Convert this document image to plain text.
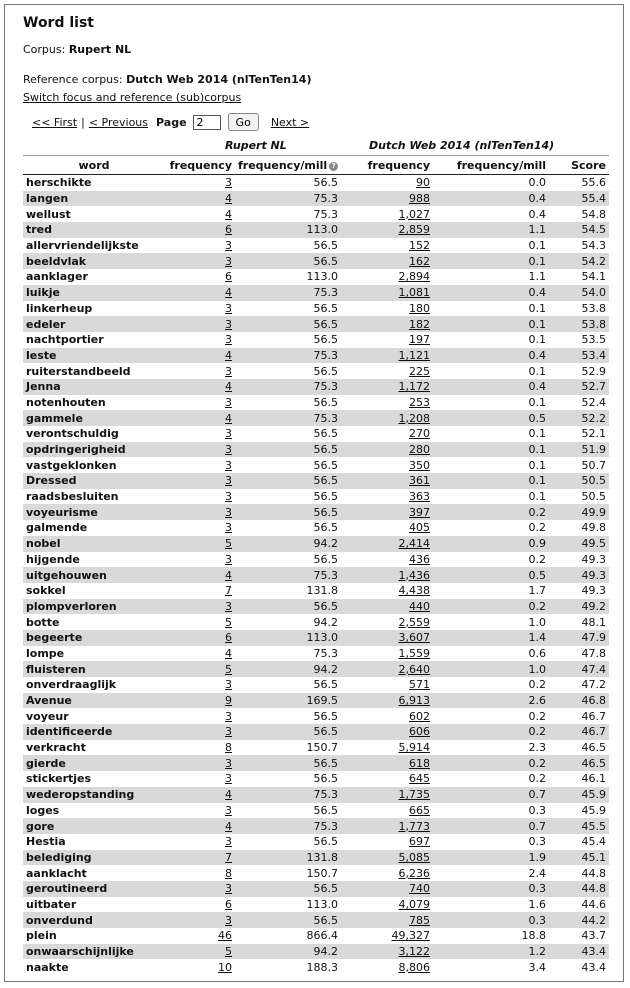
Word list
Corpus: Rupert NL
Reference corpus: Dutch Web 2014 (nlTenTen14)
Switch focus and reference (sub)corpus
<< First | < Previous Page
2	Go	Next >
Rupert NL	Dutch Web 2014 (nlTenTen14)
word	frequency	frequency/mill ?	frequency	frequency/mill	Score
herschikte	3	56.5	90	0.0	55.6
langen	4	75.3	988	0.4	55.4
wellust	4	75.3	1,027	0.4	54.8
tred	6	113.0	2,859	1.1	54.5
allervriendelijkste	3	56.5	152	0.1	54.3
beeldvlak	3	56.5	162	0.1	54.2
aanklager	6	113.0	2,894	1.1	54.1
luikje	4	75.3	1,081	0.4	54.0
linkerheup	3	56.5	180	0.1	53.8
edeler	3	56.5	182	0.1	53.8
nachtportier	3	56.5	197	0.1	53.5
leste	4	75.3	1,121	0.4	53.4
ruiterstandbeeld	3	56.5	225	0.1	52.9
Jenna	4	75.3	1,172	0.4	52.7
notenhouten	3	56.5	253	0.1	52.4
gammele	4	75.3	1,208	0.5	52.2
verontschuldig	3	56.5	270	0.1	52.1
opdringerigheid	3	56.5	280	0.1	51.9
vastgeklonken	3	56.5	350	0.1	50.7
Dressed	3	56.5	361	0.1	50.5
raadsbesluiten	3	56.5	363	0.1	50.5
voyeurisme	3	56.5	397	0.2	49.9
galmende	3	56.5	405	0.2	49.8
nobel	5	94.2	2,414	0.9	49.5
hijgende	3	56.5	436	0.2	49.3
uitgehouwen	4	75.3	1,436	0.5	49.3
sokkel	7	131.8	4,438	1.7	49.3
plompverloren	3	56.5	440	0.2	49.2
botte	5	94.2	2,559	1.0	48.1
begeerte	6	113.0	3,607	1.4	47.9
lompe	4	75.3	1,559	0.6	47.8
fluisteren	5	94.2	2,640	1.0	47.4
onverdraaglijk	3	56.5	571	0.2	47.2
Avenue	9	169.5	6,913	2.6	46.8
voyeur	3	56.5	602	0.2	46.7
identificeerde	3	56.5	606	0.2	46.7
verkracht	8	150.7	5,914	2.3	46.5
gierde	3	56.5	618	0.2	46.5
stickertjes	3	56.5	645	0.2	46.1
wederopstanding	4	75.3	1,735	0.7	45.9
loges	3	56.5	665	0.3	45.9
gore	4	75.3	1,773	0.7	45.5
Hestia	3	56.5	697	0.3	45.4
belediging	7	131.8	5,085	1.9	45.1
aanklacht	8	150.7	6,236	2.4	44.8
geroutineerd	3	56.5	740	0.3	44.8
uitbater	6	113.0	4,079	1.6	44.6
onverdund	3	56.5	785	0.3	44.2
plein	46	866.4	49,327	18.8	43.7
onwaarschijnlijke	5	94.2	3,122	1.2	43.4
naakte	10	188.3	8,806	3.4	43.4
